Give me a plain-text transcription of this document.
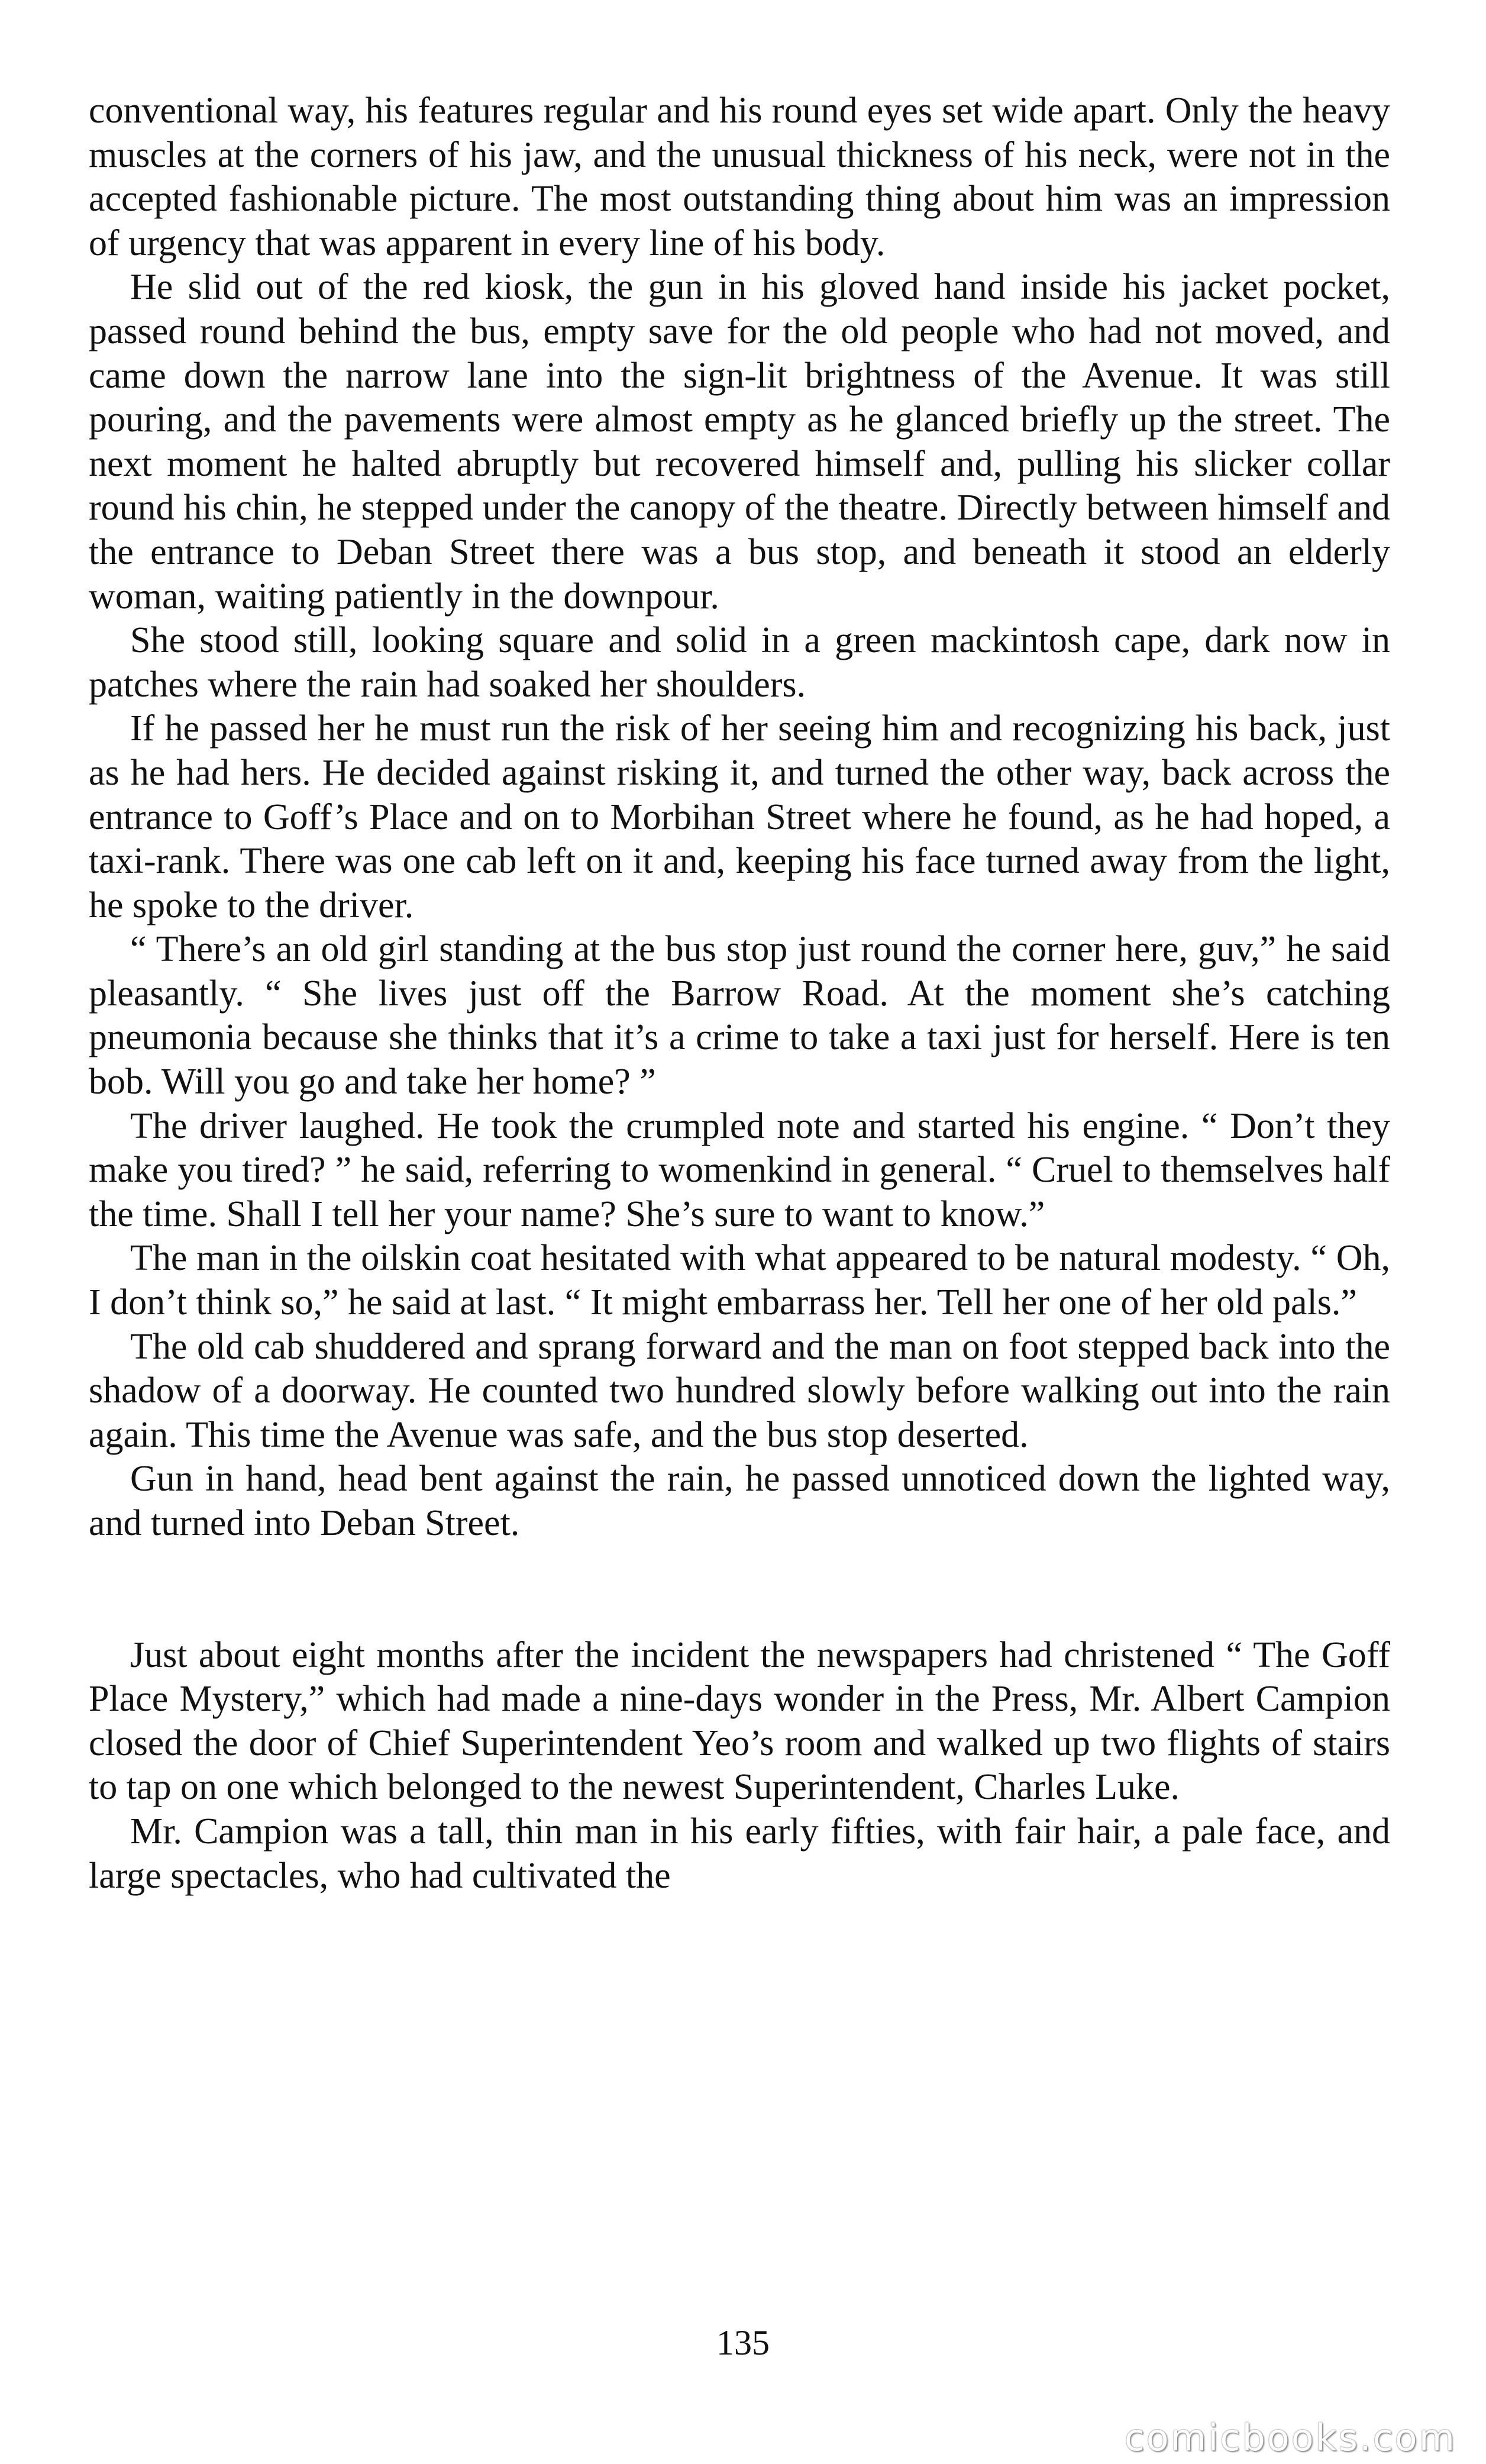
conventional way, his features regular and his round eyes set wide apart. Only the heavy muscles at the corners of his jaw, and the unusual thickness of his neck, were not in the accepted fashionable picture. The most outstanding thing about him was an impression of urgency that was apparent in every line of his body.

He slid out of the red kiosk, the gun in his gloved hand inside his jacket pocket, passed round behind the bus, empty save for the old people who had not moved, and came down the narrow lane into the sign-lit brightness of the Avenue. It was still pouring, and the pavements were almost empty as he glanced briefly up the street. The next moment he halted abruptly but recovered himself and, pulling his slicker collar round his chin, he stepped under the canopy of the theatre. Directly between himself and the entrance to Deban Street there was a bus stop, and beneath it stood an elderly woman, waiting patiently in the downpour.

She stood still, looking square and solid in a green mackintosh cape, dark now in patches where the rain had soaked her shoulders.

If he passed her he must run the risk of her seeing him and recognizing his back, just as he had hers. He decided against risking it, and turned the other way, back across the entrance to Goff’s Place and on to Morbihan Street where he found, as he had hoped, a taxi-rank. There was one cab left on it and, keeping his face turned away from the light, he spoke to the driver.

“ There’s an old girl standing at the bus stop just round the corner here, guv,” he said pleasantly. “ She lives just off the Barrow Road. At the moment she’s catching pneumonia because she thinks that it’s a crime to take a taxi just for herself. Here is ten bob. Will you go and take her home? ”

The driver laughed. He took the crumpled note and started his engine. “ Don’t they make you tired? ” he said, referring to womenkind in general. “ Cruel to themselves half the time. Shall I tell her your name? She’s sure to want to know.”

The man in the oilskin coat hesitated with what appeared to be natural modesty. “ Oh, I don’t think so,” he said at last. “ It might embarrass her. Tell her one of her old pals.”

The old cab shuddered and sprang forward and the man on foot stepped back into the shadow of a doorway. He counted two hundred slowly before walking out into the rain again. This time the Avenue was safe, and the bus stop deserted.

Gun in hand, head bent against the rain, he passed unnoticed down the lighted way, and turned into Deban Street.

Just about eight months after the incident the newspapers had christened “ The Goff Place Mystery,” which had made a nine-days wonder in the Press, Mr. Albert Campion closed the door of Chief Superintendent Yeo’s room and walked up two flights of stairs to tap on one which belonged to the newest Superintendent, Charles Luke.

Mr. Campion was a tall, thin man in his early fifties, with fair hair, a pale face, and large spectacles, who had cultivated the

135
comicbooks.com
